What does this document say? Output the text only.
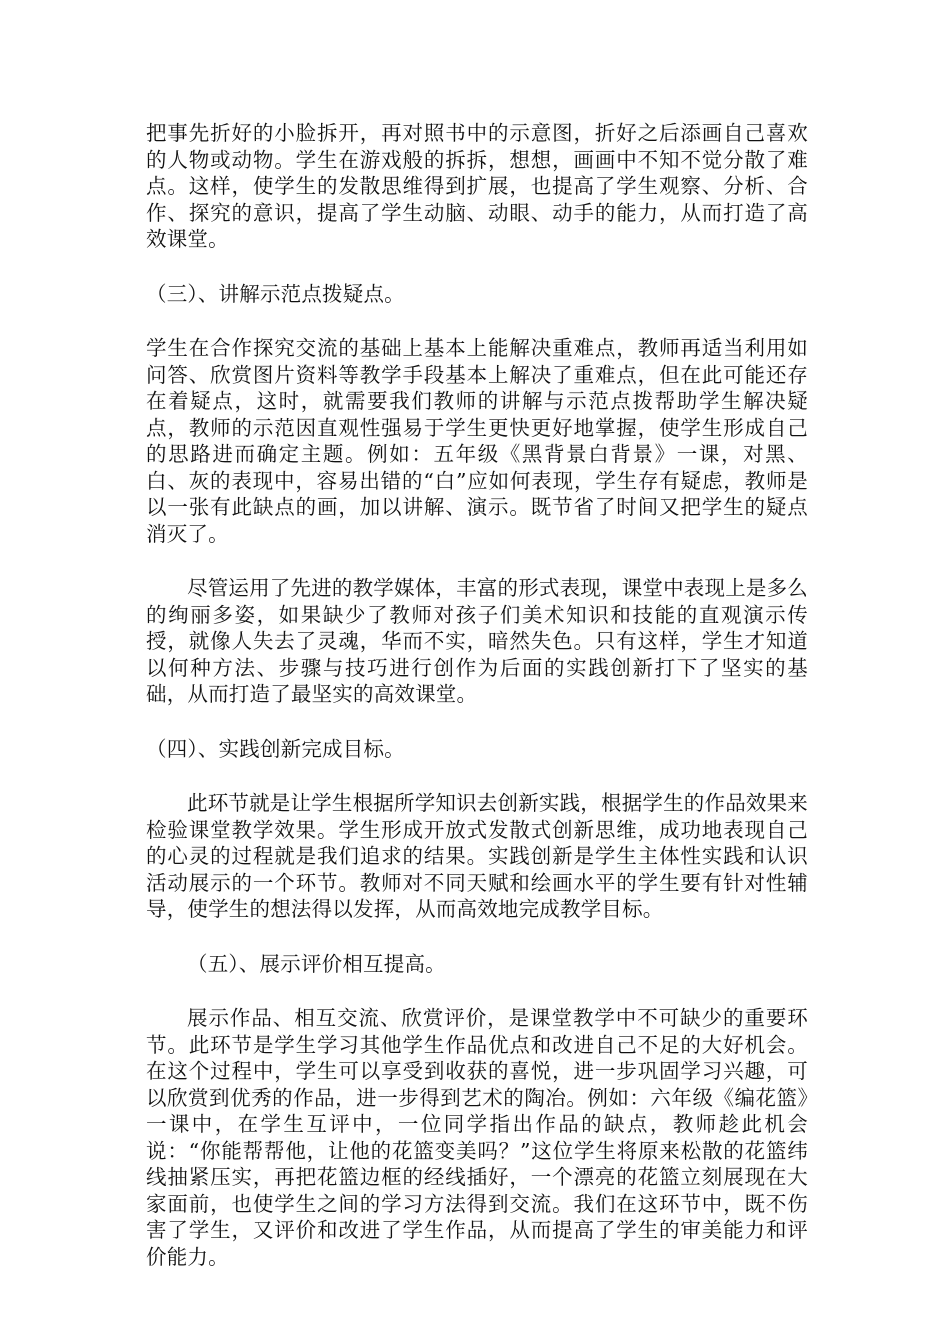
把事先折好的小脸拆开，再对照书中的示意图，折好之后添画自己喜欢的人物或动物。学生在游戏般的拆拆，想想，画画中不知不觉分散了难点。这样，使学生的发散思维得到扩展，也提高了学生观察、分析、合作、探究的意识，提高了学生动脑、动眼、动手的能力，从而打造了高效课堂。

（三）、讲解示范点拨疑点。

学生在合作探究交流的基础上基本上能解决重难点，教师再适当利用如问答、欣赏图片资料等教学手段基本上解决了重难点，但在此可能还存在着疑点，这时，就需要我们教师的讲解与示范点拨帮助学生解决疑点，教师的示范因直观性强易于学生更快更好地掌握，使学生形成自己的思路进而确定主题。例如：五年级《黑背景白背景》一课，对黑、白、灰的表现中，容易出错的“白”应如何表现，学生存有疑虑，教师是以一张有此缺点的画，加以讲解、演示。既节省了时间又把学生的疑点消灭了。

尽管运用了先进的教学媒体，丰富的形式表现，课堂中表现上是多么的绚丽多姿，如果缺少了教师对孩子们美术知识和技能的直观演示传授，就像人失去了灵魂，华而不实，暗然失色。只有这样，学生才知道以何种方法、步骤与技巧进行创作为后面的实践创新打下了坚实的基础，从而打造了最坚实的高效课堂。

（四）、实践创新完成目标。

此环节就是让学生根据所学知识去创新实践，根据学生的作品效果来检验课堂教学效果。学生形成开放式发散式创新思维，成功地表现自己的心灵的过程就是我们追求的结果。实践创新是学生主体性实践和认识活动展示的一个环节。教师对不同天赋和绘画水平的学生要有针对性辅导，使学生的想法得以发挥，从而高效地完成教学目标。

（五）、展示评价相互提高。

展示作品、相互交流、欣赏评价，是课堂教学中不可缺少的重要环节。此环节是学生学习其他学生作品优点和改进自己不足的大好机会。在这个过程中，学生可以享受到收获的喜悦，进一步巩固学习兴趣，可以欣赏到优秀的作品，进一步得到艺术的陶冶。例如：六年级《编花篮》一课中，在学生互评中，一位同学指出作品的缺点，教师趁此机会说：“你能帮帮他，让他的花篮变美吗？”这位学生将原来松散的花篮纬线抽紧压实，再把花篮边框的经线插好，一个漂亮的花篮立刻展现在大家面前，也使学生之间的学习方法得到交流。我们在这环节中，既不伤害了学生，又评价和改进了学生作品，从而提高了学生的审美能力和评价能力。
